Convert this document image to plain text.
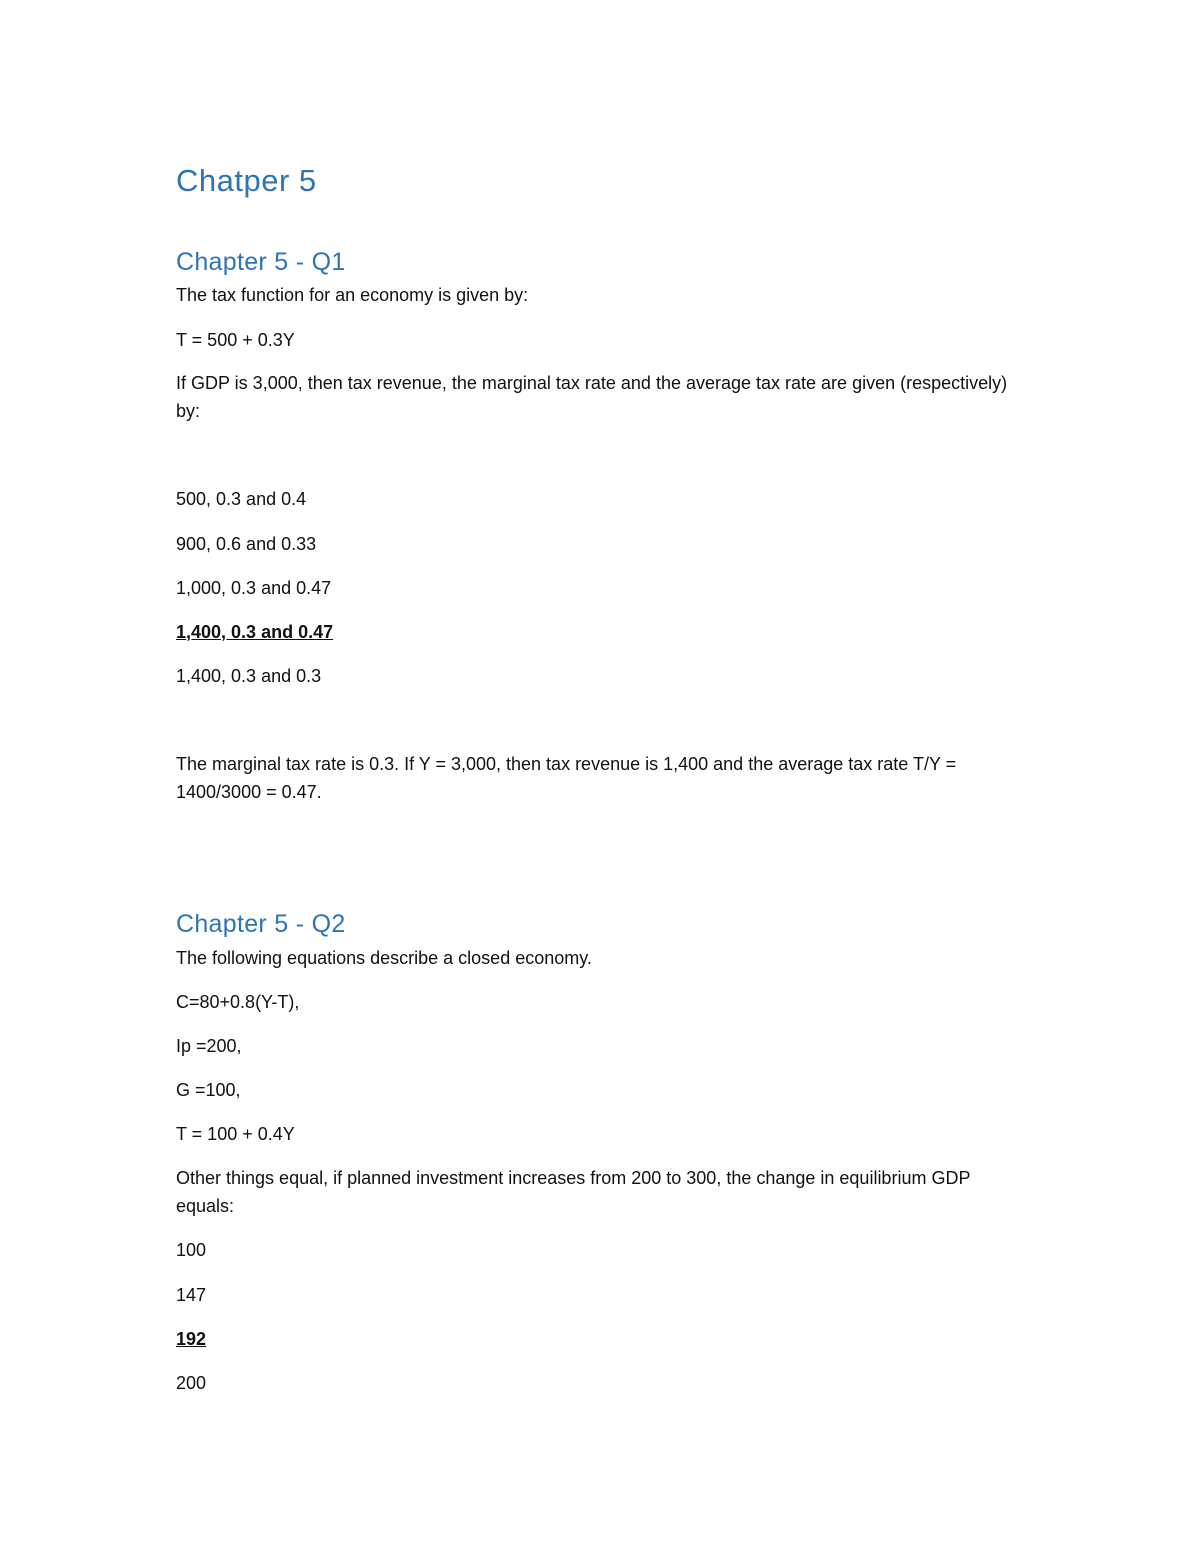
Chatper 5
Chapter 5 - Q1

The tax function for an economy is given by:

T = 500 + 0.3Y

If GDP is 3,000, then tax revenue, the marginal tax rate and the average tax rate are given (respectively) by:

500, 0.3 and 0.4

900, 0.6 and 0.33

1,000, 0.3 and 0.47

1,400, 0.3 and 0.47

1,400, 0.3 and 0.3

The marginal tax rate is 0.3. If Y = 3,000, then tax revenue is 1,400 and the average tax rate T/Y = 1400/3000 = 0.47.

Chapter 5 - Q2

The following equations describe a closed economy.

C=80+0.8(Y-T),

Ip =200,

G =100,

T = 100 + 0.4Y

Other things equal, if planned investment increases from 200 to 300, the change in equilibrium GDP equals:

100

147

192

200
